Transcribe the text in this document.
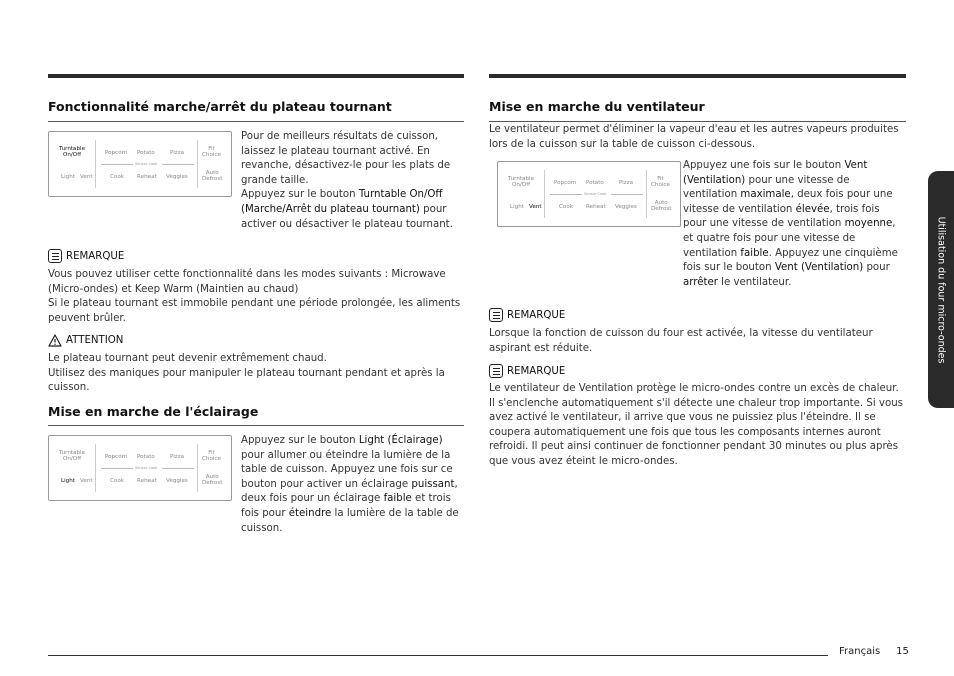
Fonctionnalité marche/arrêt du plateau tournant
Turntable
On/Off	Popcorn Potato	Pizza
Fit
Choice
Sensor Cook
Light Vent	Cook Reheat Veggies
Auto
Defrost
Pour de meilleurs résultats de cuisson, laissez le plateau tournant activé. En revanche, désactivez-le pour les plats de grande taille.
Appuyez sur le bouton Turntable On/Off (Marche/Arrêt du plateau tournant) pour activer ou désactiver le plateau tournant.
REMARQUE
Vous pouvez utiliser cette fonctionnalité dans les modes suivants : Microwave (Micro-ondes) et Keep Warm (Maintien au chaud)
Si le plateau tournant est immobile pendant une période prolongée, les aliments peuvent brûler.
ATTENTION
Le plateau tournant peut devenir extrêmement chaud.
Utilisez des maniques pour manipuler le plateau tournant pendant et après la cuisson.
Mise en marche de l'éclairage
Turntable
On/Off	Popcorn Potato	Pizza
Fit
Choice
Sensor Cook
Light Vent	Cook Reheat Veggies
Auto
Defrost
Appuyez sur le bouton Light (Éclairage) pour allumer ou éteindre la lumière de la table de cuisson. Appuyez une fois sur ce bouton pour activer un éclairage puissant, deux fois pour un éclairage faible et trois fois pour éteindre la lumière de la table de cuisson.
Mise en marche du ventilateur
Le ventilateur permet d'éliminer la vapeur d'eau et les autres vapeurs produites lors de la cuisson sur la table de cuisson ci-dessous.
Turntable
On/Off	Popcorn Potato	Pizza
Fit
Choice
Sensor Cook
Light Vent	Cook Reheat Veggies
Auto
Defrost
Appuyez une fois sur le bouton Vent (Ventilation) pour une vitesse de ventilation maximale, deux fois pour une vitesse de ventilation élevée, trois fois pour une vitesse de ventilation moyenne, et quatre fois pour une vitesse de ventilation faible. Appuyez une cinquième fois sur le bouton Vent (Ventilation) pour arrêter le ventilateur.
REMARQUE
Lorsque la fonction de cuisson du four est activée, la vitesse du ventilateur aspirant est réduite.
REMARQUE
Le ventilateur de Ventilation protège le micro-ondes contre un excès de chaleur. Il s'enclenche automatiquement s'il détecte une chaleur trop importante. Si vous avez activé le ventilateur, il arrive que vous ne puissiez plus l'éteindre. Il se coupera automatiquement une fois que tous les composants internes auront refroidi. Il peut ainsi continuer de fonctionner pendant 30 minutes ou plus après que vous avez éteint le micro-ondes.
Utilisation du four micro-ondes
Français 15
